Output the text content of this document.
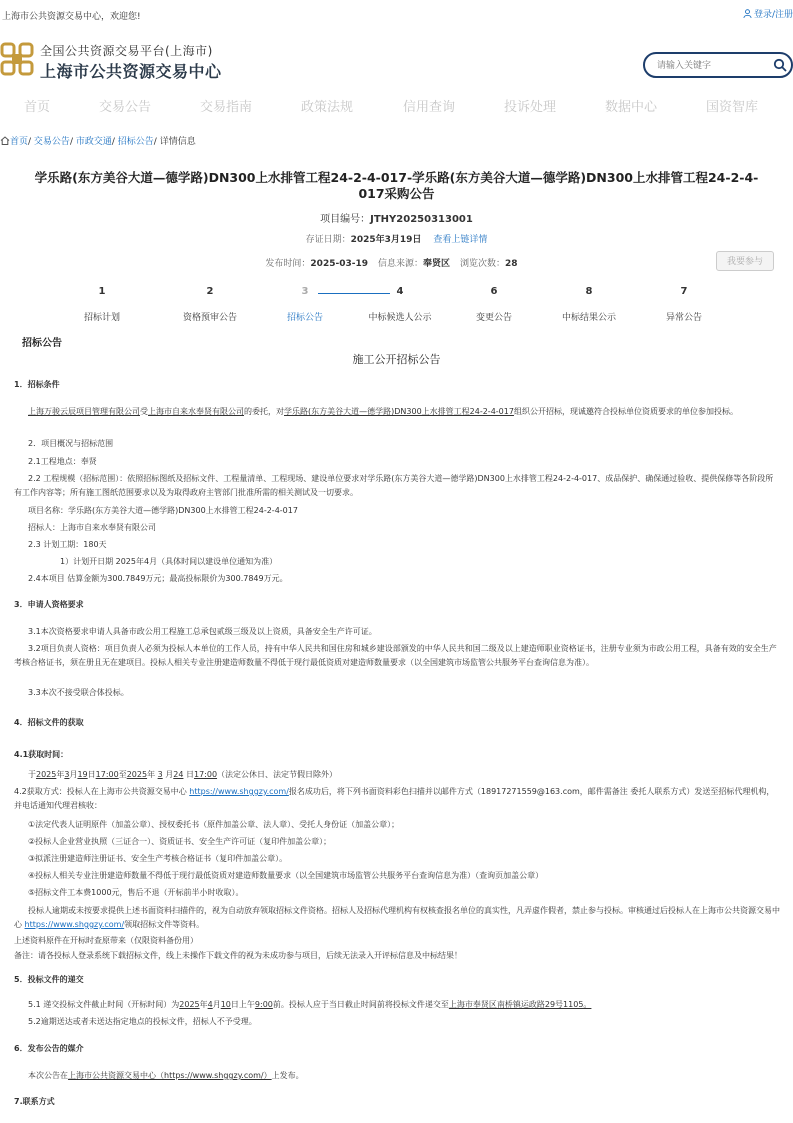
上海市公共资源交易中心，欢迎您!	登录/注册
全国公共资源交易平台(上海市)
上海市公共资源交易中心
请输入关键字
首页	交易公告	交易指南	政策法规	信用查询	投诉处理	数据中心	国资智库
首页/ 交易公告/ 市政交通/ 招标公告/ 详情信息
学乐路(东方美谷大道—德学路)DN300上水排管工程24-2-4-017-学乐路(东方美谷大道—德学路)DN300上水排管工程24-2-4-017采购公告
项目编号：JTHY20250313001
存证日期：2025年3月19日 查看上链详情
发布时间：2025-03-19 信息来源：奉贤区 浏览次数：28	我要参与
1
招标计划
2
资格预审公告
3
招标公告
4
中标候选人公示
6
变更公告
8
中标结果公示
7
异常公告
招标公告
施工公开招标公告
1．招标条件
上海万骏云辰项目管理有限公司受上海市自来水奉贤有限公司的委托，对学乐路(东方美谷大道—德学路)DN300上水排管工程24-2-4-017组织公开招标，现诚邀符合投标单位资质要求的单位参加投标。
2．项目概况与招标范围
2.1工程地点：奉贤
2.2 工程规模（招标范围）：依照招标图纸及招标文件、工程量清单、工程现场、建设单位要求对学乐路(东方美谷大道—德学路)DN300上水排管工程24-2-4-017、成品保护、确保通过验收、提供保修等各阶段所有工作内容等；所有施工图纸范围要求以及为取得政府主管部门批准所需的相关测试及一切要求。
项目名称：学乐路(东方美谷大道—德学路)DN300上水排管工程24-2-4-017
招标人：上海市自来水奉贤有限公司
2.3 计划工期：180天
1）计划开日期 2025年4月（具体时间以建设单位通知为准）
2.4本项目 估算金额为300.7849万元；最高投标限价为300.7849万元。
3．申请人资格要求
3.1本次资格要求申请人具备市政公用工程施工总承包贰级三级及以上资质，具备安全生产许可证。
3.2项目负责人资格：项目负责人必须为投标人本单位的工作人员，持有中华人民共和国住房和城乡建设部颁发的中华人民共和国二级及以上建造师职业资格证书，注册专业须为市政公用工程，具备有效的安全生产考核合格证书，须在册且无在建项目。投标人相关专业注册建造师数量不得低于现行最低资质对建造师数量要求（以全国建筑市场监管公共服务平台查询信息为准）。
3.3本次不接受联合体投标。
4．招标文件的获取
4.1获取时间：
于2025年3月19日17:00至2025年 3 月24 日17:00（法定公休日、法定节假日除外）
4.2获取方式：投标人在上海市公共资源交易中心 https://www.shggzy.com/报名成功后，将下列书面资料彩色扫描并以邮件方式（18917271559@163.com，邮件需备注 委托人联系方式）发送至招标代理机构，并电话通知代理君核收：
①法定代表人证明原件（加盖公章）、授权委托书（原件加盖公章、法人章）、受托人身份证（加盖公章）；
②投标人企业营业执照（三证合一）、资质证书、安全生产许可证（复印件加盖公章）；
③拟派注册建造师注册证书、安全生产考核合格证书（复印件加盖公章）。
④投标人相关专业注册建造师数量不得低于现行最低资质对建造师数量要求（以全国建筑市场监管公共服务平台查询信息为准）（查询页加盖公章）
⑤招标文件工本费1000元，售后不退（开标前半小时收取）。
投标人逾期或未按要求提供上述书面资料扫描件的，视为自动放弃领取招标文件资格。招标人及招标代理机构有权核查报名单位的真实性，凡弄虚作假者，禁止参与投标。审核通过后投标人在上海市公共资源交易中心 https://www.shggzy.com/领取招标文件等资料。
上述资料原件在开标时查原带来（仅限资料备份用）
备注：请各投标人登录系统下载招标文件，线上未操作下载文件的视为未成功参与项目，后续无法录入开评标信息及中标结果！
5．投标文件的递交
5.1 递交投标文件截止时间（开标时间）为2025年4月10日上午9:00前。投标人应于当日截止时间前将投标文件递交至上海市奉贤区南桥镇运政路29号1105。
5.2逾期送达或者未送达指定地点的投标文件，招标人不予受理。
6．发布公告的媒介
本次公告在上海市公共资源交易中心（https://www.shggzy.com/）上发布。
7.联系方式
